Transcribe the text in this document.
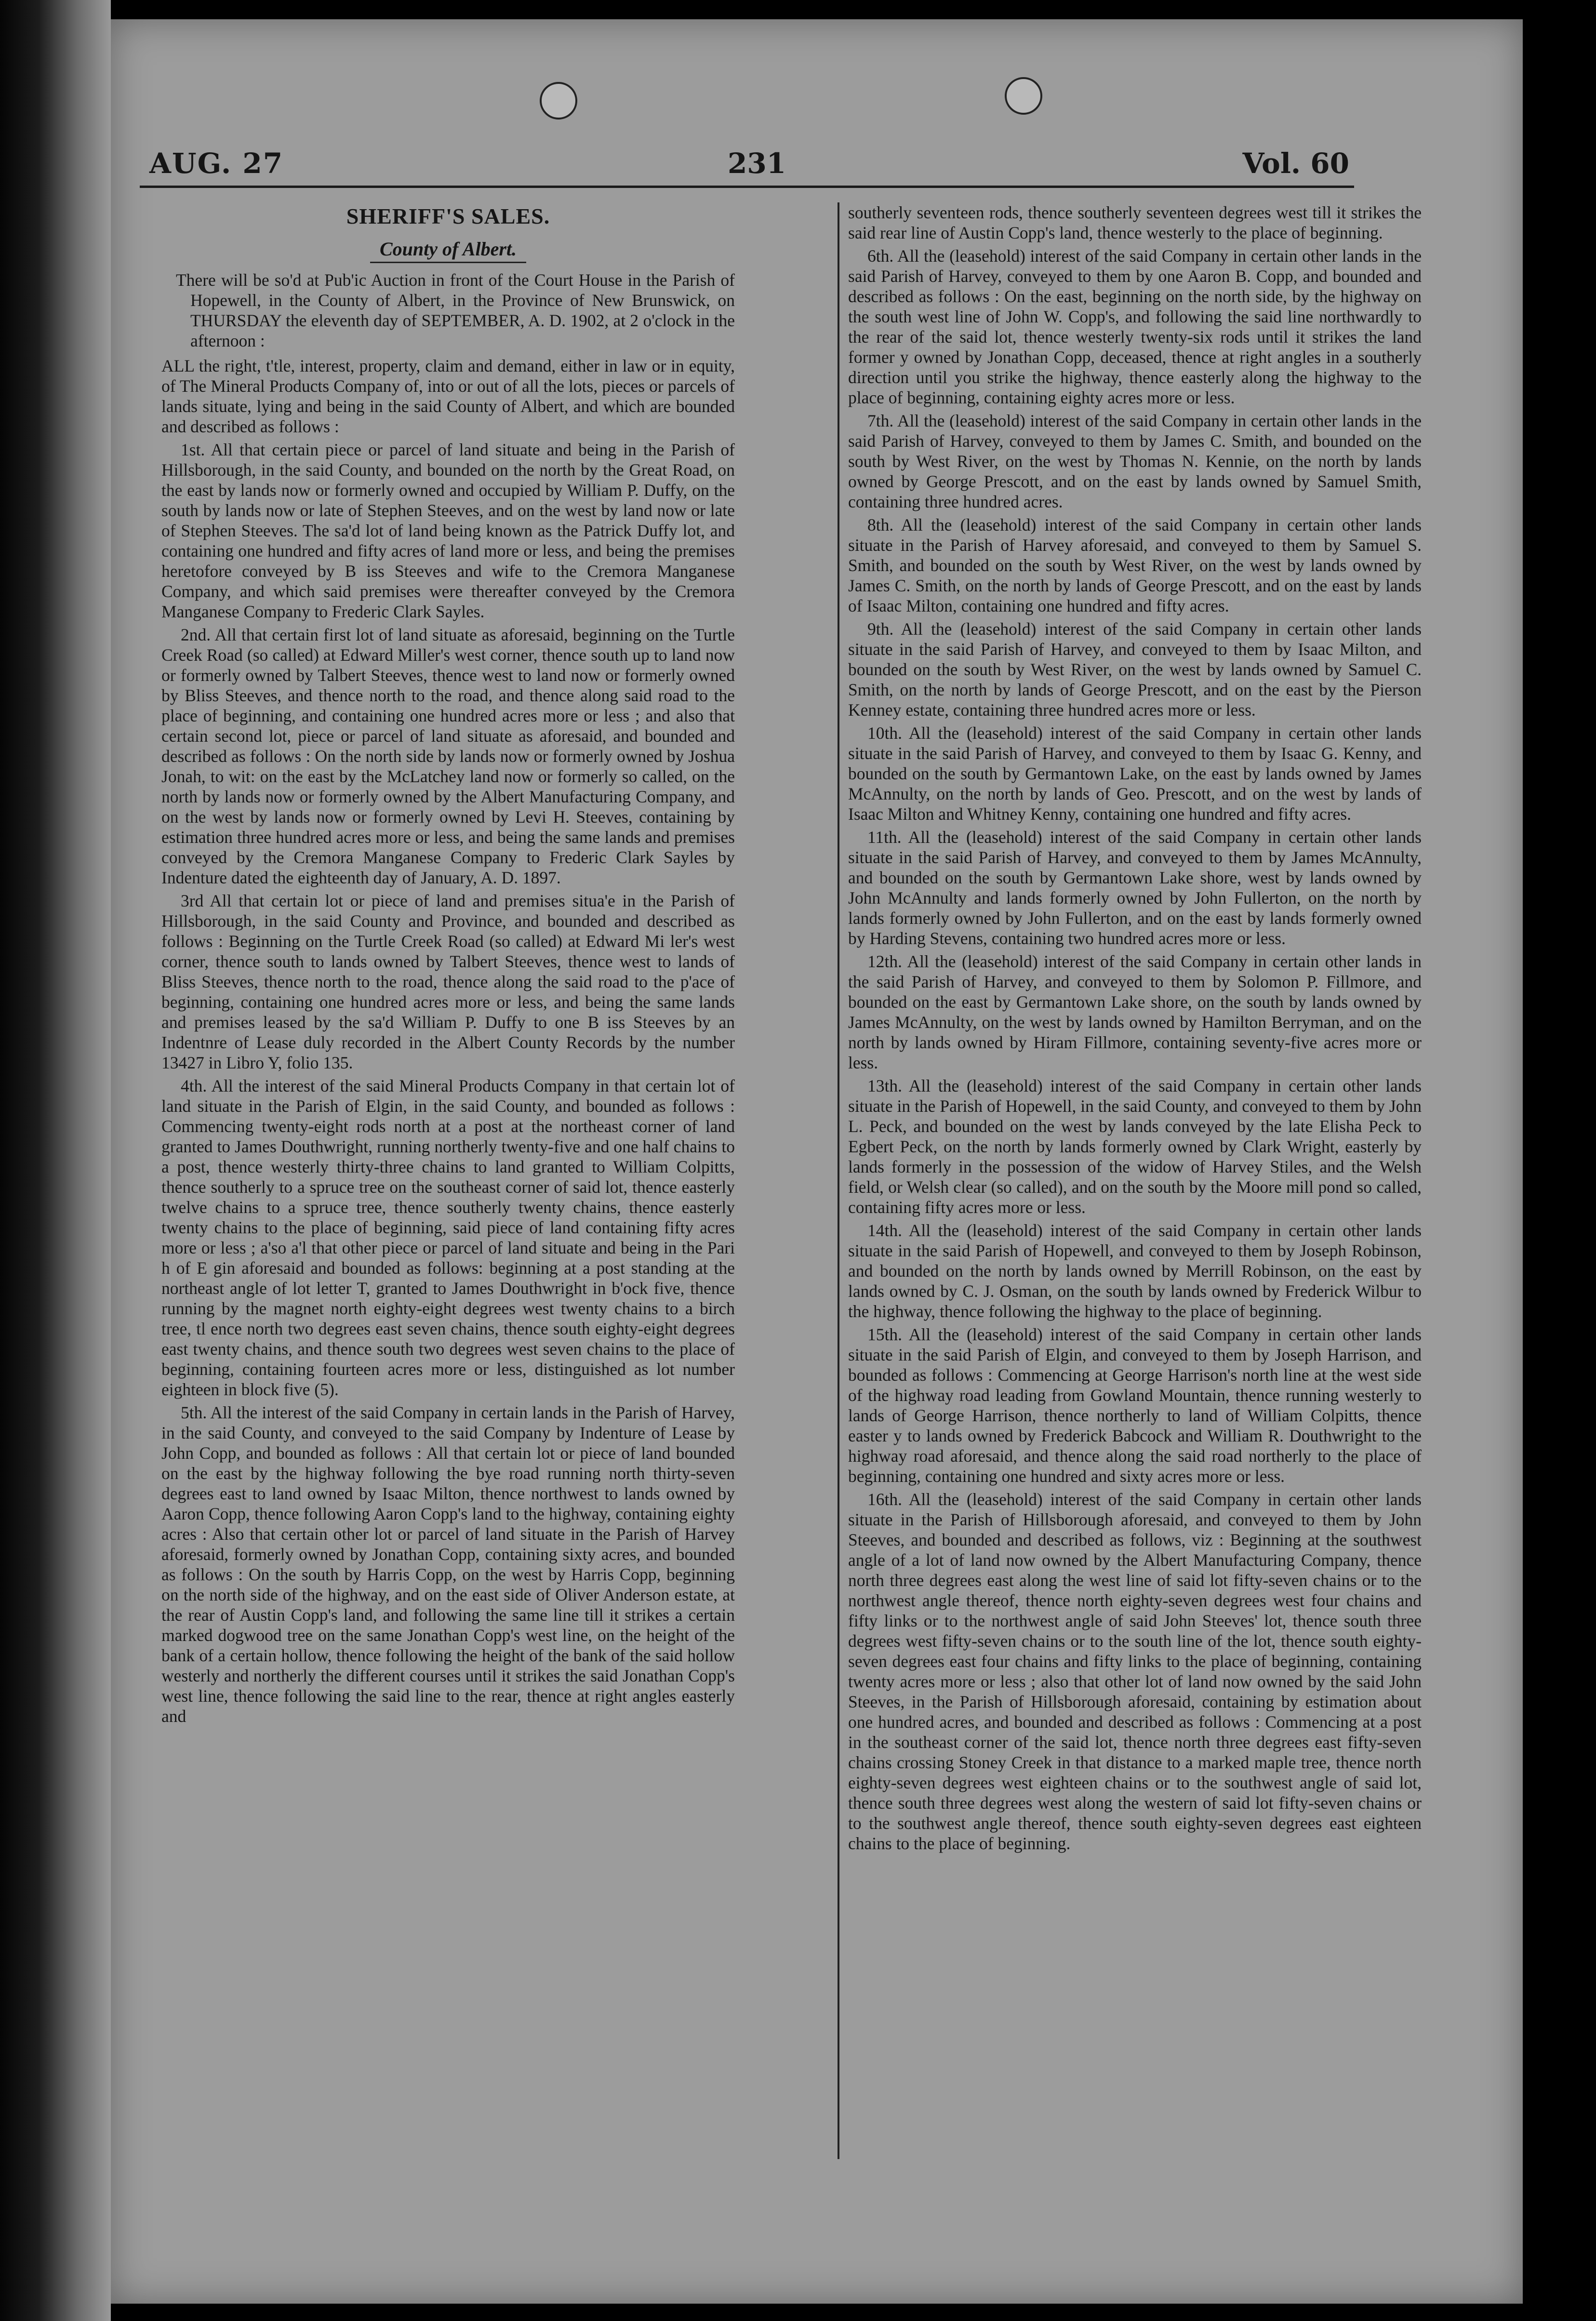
AUG. 27	231	Vol. 60
SHERIFF'S SALES.
County of Albert.

There will be so'd at Pub'ic Auction in front of the Court House in the Parish of Hopewell, in the County of Albert, in the Province of New Brunswick, on THURSDAY the eleventh day of SEPTEMBER, A. D. 1902, at 2 o'clock in the afternoon :

ALL the right, t'tle, interest, property, claim and demand, either in law or in equity, of The Mineral Products Company of, into or out of all the lots, pieces or parcels of lands situate, lying and being in the said County of Albert, and which are bounded and described as follows :

1st. All that certain piece or parcel of land situate and being in the Parish of Hillsborough, in the said County, and bounded on the north by the Great Road, on the east by lands now or formerly owned and occupied by William P. Duffy, on the south by lands now or late of Stephen Steeves, and on the west by land now or late of Stephen Steeves. The sa'd lot of land being known as the Patrick Duffy lot, and containing one hundred and fifty acres of land more or less, and being the premises heretofore conveyed by B iss Steeves and wife to the Cremora Manganese Company, and which said premises were thereafter conveyed by the Cremora Manganese Company to Frederic Clark Sayles.

2nd. All that certain first lot of land situate as aforesaid, beginning on the Turtle Creek Road (so called) at Edward Miller's west corner, thence south up to land now or formerly owned by Talbert Steeves, thence west to land now or formerly owned by Bliss Steeves, and thence north to the road, and thence along said road to the place of beginning, and containing one hundred acres more or less ; and also that certain second lot, piece or parcel of land situate as aforesaid, and bounded and described as follows : On the north side by lands now or formerly owned by Joshua Jonah, to wit: on the east by the McLatchey land now or formerly so called, on the north by lands now or formerly owned by the Albert Manufacturing Company, and on the west by lands now or formerly owned by Levi H. Steeves, containing by estimation three hundred acres more or less, and being the same lands and premises conveyed by the Cremora Manganese Company to Frederic Clark Sayles by Indenture dated the eighteenth day of January, A. D. 1897.

3rd All that certain lot or piece of land and premises situa'e in the Parish of Hillsborough, in the said County and Province, and bounded and described as follows : Beginning on the Turtle Creek Road (so called) at Edward Mi ler's west corner, thence south to lands owned by Talbert Steeves, thence west to lands of Bliss Steeves, thence north to the road, thence along the said road to the p'ace of beginning, containing one hundred acres more or less, and being the same lands and premises leased by the sa'd William P. Duffy to one B iss Steeves by an Indentnre of Lease duly recorded in the Albert County Records by the number 13427 in Libro Y, folio 135.

4th. All the interest of the said Mineral Products Company in that certain lot of land situate in the Parish of Elgin, in the said County, and bounded as follows : Commencing twenty-eight rods north at a post at the northeast corner of land granted to James Douthwright, running northerly twenty-five and one half chains to a post, thence westerly thirty-three chains to land granted to William Colpitts, thence southerly to a spruce tree on the southeast corner of said lot, thence easterly twelve chains to a spruce tree, thence southerly twenty chains, thence easterly twenty chains to the place of beginning, said piece of land containing fifty acres more or less ; a'so a'l that other piece or parcel of land situate and being in the Pari h of E gin aforesaid and bounded as follows: beginning at a post standing at the northeast angle of lot letter T, granted to James Douthwright in b'ock five, thence running by the magnet north eighty-eight degrees west twenty chains to a birch tree, tl ence north two degrees east seven chains, thence south eighty-eight degrees east twenty chains, and thence south two degrees west seven chains to the place of beginning, containing fourteen acres more or less, distinguished as lot number eighteen in block five (5).

5th. All the interest of the said Company in certain lands in the Parish of Harvey, in the said County, and conveyed to the said Company by Indenture of Lease by John Copp, and bounded as follows : All that certain lot or piece of land bounded on the east by the highway following the bye road running north thirty-seven degrees east to land owned by Isaac Milton, thence northwest to lands owned by Aaron Copp, thence following Aaron Copp's land to the highway, containing eighty acres : Also that certain other lot or parcel of land situate in the Parish of Harvey aforesaid, formerly owned by Jonathan Copp, containing sixty acres, and bounded as follows : On the south by Harris Copp, on the west by Harris Copp, beginning on the north side of the highway, and on the east side of Oliver Anderson estate, at the rear of Austin Copp's land, and following the same line till it strikes a certain marked dogwood tree on the same Jonathan Copp's west line, on the height of the bank of a certain hollow, thence following the height of the bank of the said hollow westerly and northerly the different courses until it strikes the said Jonathan Copp's west line, thence following the said line to the rear, thence at right angles easterly and

southerly seventeen rods, thence southerly seventeen degrees west till it strikes the said rear line of Austin Copp's land, thence westerly to the place of beginning.

6th. All the (leasehold) interest of the said Company in certain other lands in the said Parish of Harvey, conveyed to them by one Aaron B. Copp, and bounded and described as follows : On the east, beginning on the north side, by the highway on the south west line of John W. Copp's, and following the said line northwardly to the rear of the said lot, thence westerly twenty-six rods until it strikes the land former y owned by Jonathan Copp, deceased, thence at right angles in a southerly direction until you strike the highway, thence easterly along the highway to the place of beginning, containing eighty acres more or less.

7th. All the (leasehold) interest of the said Company in certain other lands in the said Parish of Harvey, conveyed to them by James C. Smith, and bounded on the south by West River, on the west by Thomas N. Kennie, on the north by lands owned by George Prescott, and on the east by lands owned by Samuel Smith, containing three hundred acres.

8th. All the (leasehold) interest of the said Company in certain other lands situate in the Parish of Harvey aforesaid, and conveyed to them by Samuel S. Smith, and bounded on the south by West River, on the west by lands owned by James C. Smith, on the north by lands of George Prescott, and on the east by lands of Isaac Milton, containing one hundred and fifty acres.

9th. All the (leasehold) interest of the said Company in certain other lands situate in the said Parish of Harvey, and conveyed to them by Isaac Milton, and bounded on the south by West River, on the west by lands owned by Samuel C. Smith, on the north by lands of George Prescott, and on the east by the Pierson Kenney estate, containing three hundred acres more or less.

10th. All the (leasehold) interest of the said Company in certain other lands situate in the said Parish of Harvey, and conveyed to them by Isaac G. Kenny, and bounded on the south by Germantown Lake, on the east by lands owned by James McAnnulty, on the north by lands of Geo. Prescott, and on the west by lands of Isaac Milton and Whitney Kenny, containing one hundred and fifty acres.

11th. All the (leasehold) interest of the said Company in certain other lands situate in the said Parish of Harvey, and conveyed to them by James McAnnulty, and bounded on the south by Germantown Lake shore, west by lands owned by John McAnnulty and lands formerly owned by John Fullerton, on the north by lands formerly owned by John Fullerton, and on the east by lands formerly owned by Harding Stevens, containing two hundred acres more or less.

12th. All the (leasehold) interest of the said Company in certain other lands in the said Parish of Harvey, and conveyed to them by Solomon P. Fillmore, and bounded on the east by Germantown Lake shore, on the south by lands owned by James McAnnulty, on the west by lands owned by Hamilton Berryman, and on the north by lands owned by Hiram Fillmore, containing seventy-five acres more or less.

13th. All the (leasehold) interest of the said Company in certain other lands situate in the Parish of Hopewell, in the said County, and conveyed to them by John L. Peck, and bounded on the west by lands conveyed by the late Elisha Peck to Egbert Peck, on the north by lands formerly owned by Clark Wright, easterly by lands formerly in the possession of the widow of Harvey Stiles, and the Welsh field, or Welsh clear (so called), and on the south by the Moore mill pond so called, containing fifty acres more or less.

14th. All the (leasehold) interest of the said Company in certain other lands situate in the said Parish of Hopewell, and conveyed to them by Joseph Robinson, and bounded on the north by lands owned by Merrill Robinson, on the east by lands owned by C. J. Osman, on the south by lands owned by Frederick Wilbur to the highway, thence following the highway to the place of beginning.

15th. All the (leasehold) interest of the said Company in certain other lands situate in the said Parish of Elgin, and conveyed to them by Joseph Harrison, and bounded as follows : Commencing at George Harrison's north line at the west side of the highway road leading from Gowland Mountain, thence running westerly to lands of George Harrison, thence northerly to land of William Colpitts, thence easter y to lands owned by Frederick Babcock and William R. Douthwright to the highway road aforesaid, and thence along the said road northerly to the place of beginning, containing one hundred and sixty acres more or less.

16th. All the (leasehold) interest of the said Company in certain other lands situate in the Parish of Hillsborough aforesaid, and conveyed to them by John Steeves, and bounded and described as follows, viz : Beginning at the southwest angle of a lot of land now owned by the Albert Manufacturing Company, thence north three degrees east along the west line of said lot fifty-seven chains or to the northwest angle thereof, thence north eighty-seven degrees west four chains and fifty links or to the northwest angle of said John Steeves' lot, thence south three degrees west fifty-seven chains or to the south line of the lot, thence south eighty-seven degrees east four chains and fifty links to the place of beginning, containing twenty acres more or less ; also that other lot of land now owned by the said John Steeves, in the Parish of Hillsborough aforesaid, containing by estimation about one hundred acres, and bounded and described as follows : Commencing at a post in the southeast corner of the said lot, thence north three degrees east fifty-seven chains crossing Stoney Creek in that distance to a marked maple tree, thence north eighty-seven degrees west eighteen chains or to the southwest angle of said lot, thence south three degrees west along the western of said lot fifty-seven chains or to the southwest angle thereof, thence south eighty-seven degrees east eighteen chains to the place of beginning.
